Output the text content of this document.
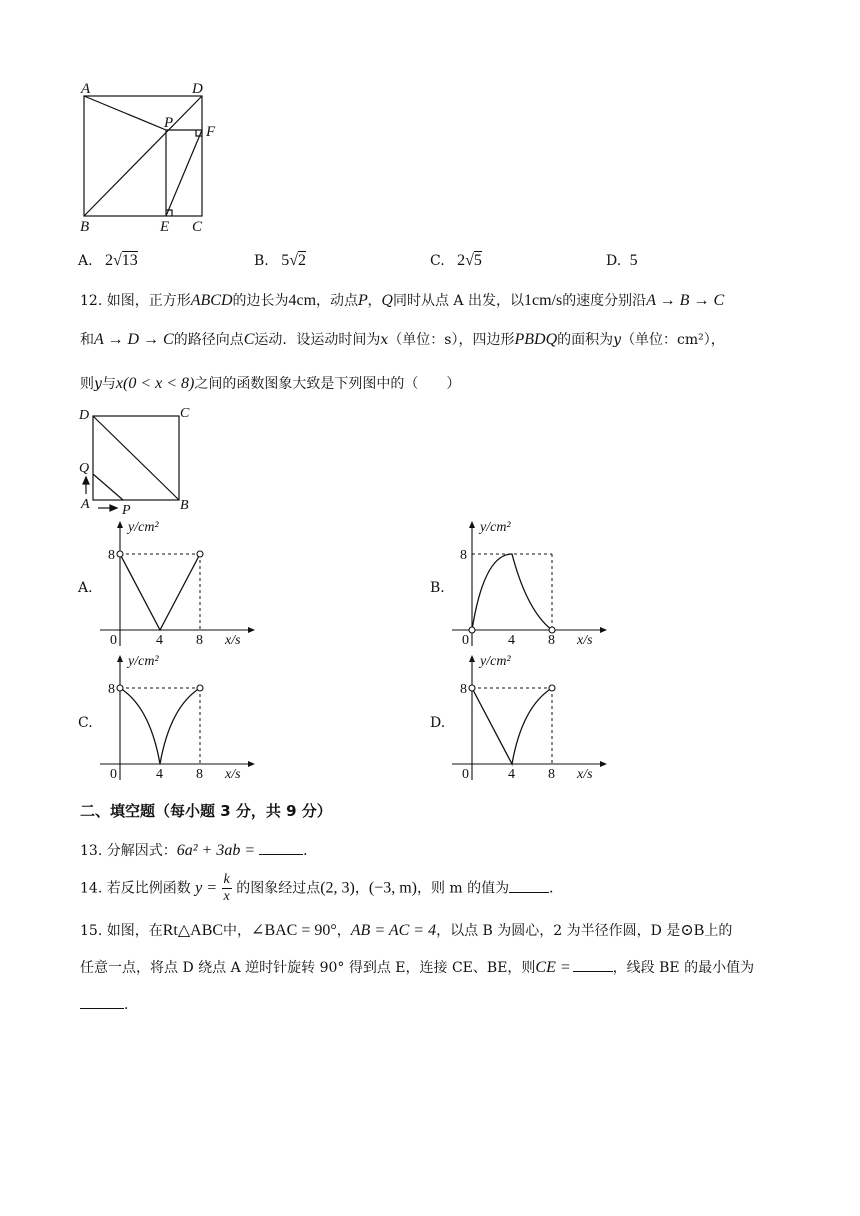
A	D
P
F
B	E C
A. 2√13	B. 5√2	C. 2√5	D. 5
12. 如图，正方形ABCD的边长为4cm，动点P，Q同时从点 A 出发，以1cm/s的速度分别沿A → B → C
和A → D → C的路径向点C运动．设运动时间为x（单位：s），四边形PBDQ的面积为y（单位：cm²），
则y与x(0 < x < 8)之间的函数图象大致是下列图中的（　　）
D	C
Q
A P	B
A.	B.
C.	D.
y/cm²
x/s
0	4 8
8
y/cm²
x/s
0	4 8
8
y/cm²
x/s
0	4 8
8
y/cm²
x/s
0	4 8
8
二、填空题（每小题 3 分，共 9 分）
13. 分解因式：6a² + 3ab =	．
14. 若反比例函数 $y = \frac{k}{x}$ 的图象经过点(2, 3)，(−3, m)，则 m 的值为	．
15. 如图，在Rt△ABC中，∠BAC = 90°，AB = AC = 4，以点 B 为圆心，2 为半径作圆，D 是⊙B上的
任意一点，将点 D 绕点 A 逆时针旋转 90° 得到点 E，连接 CE、BE，则CE =	，线段 BE 的最小值为
．
